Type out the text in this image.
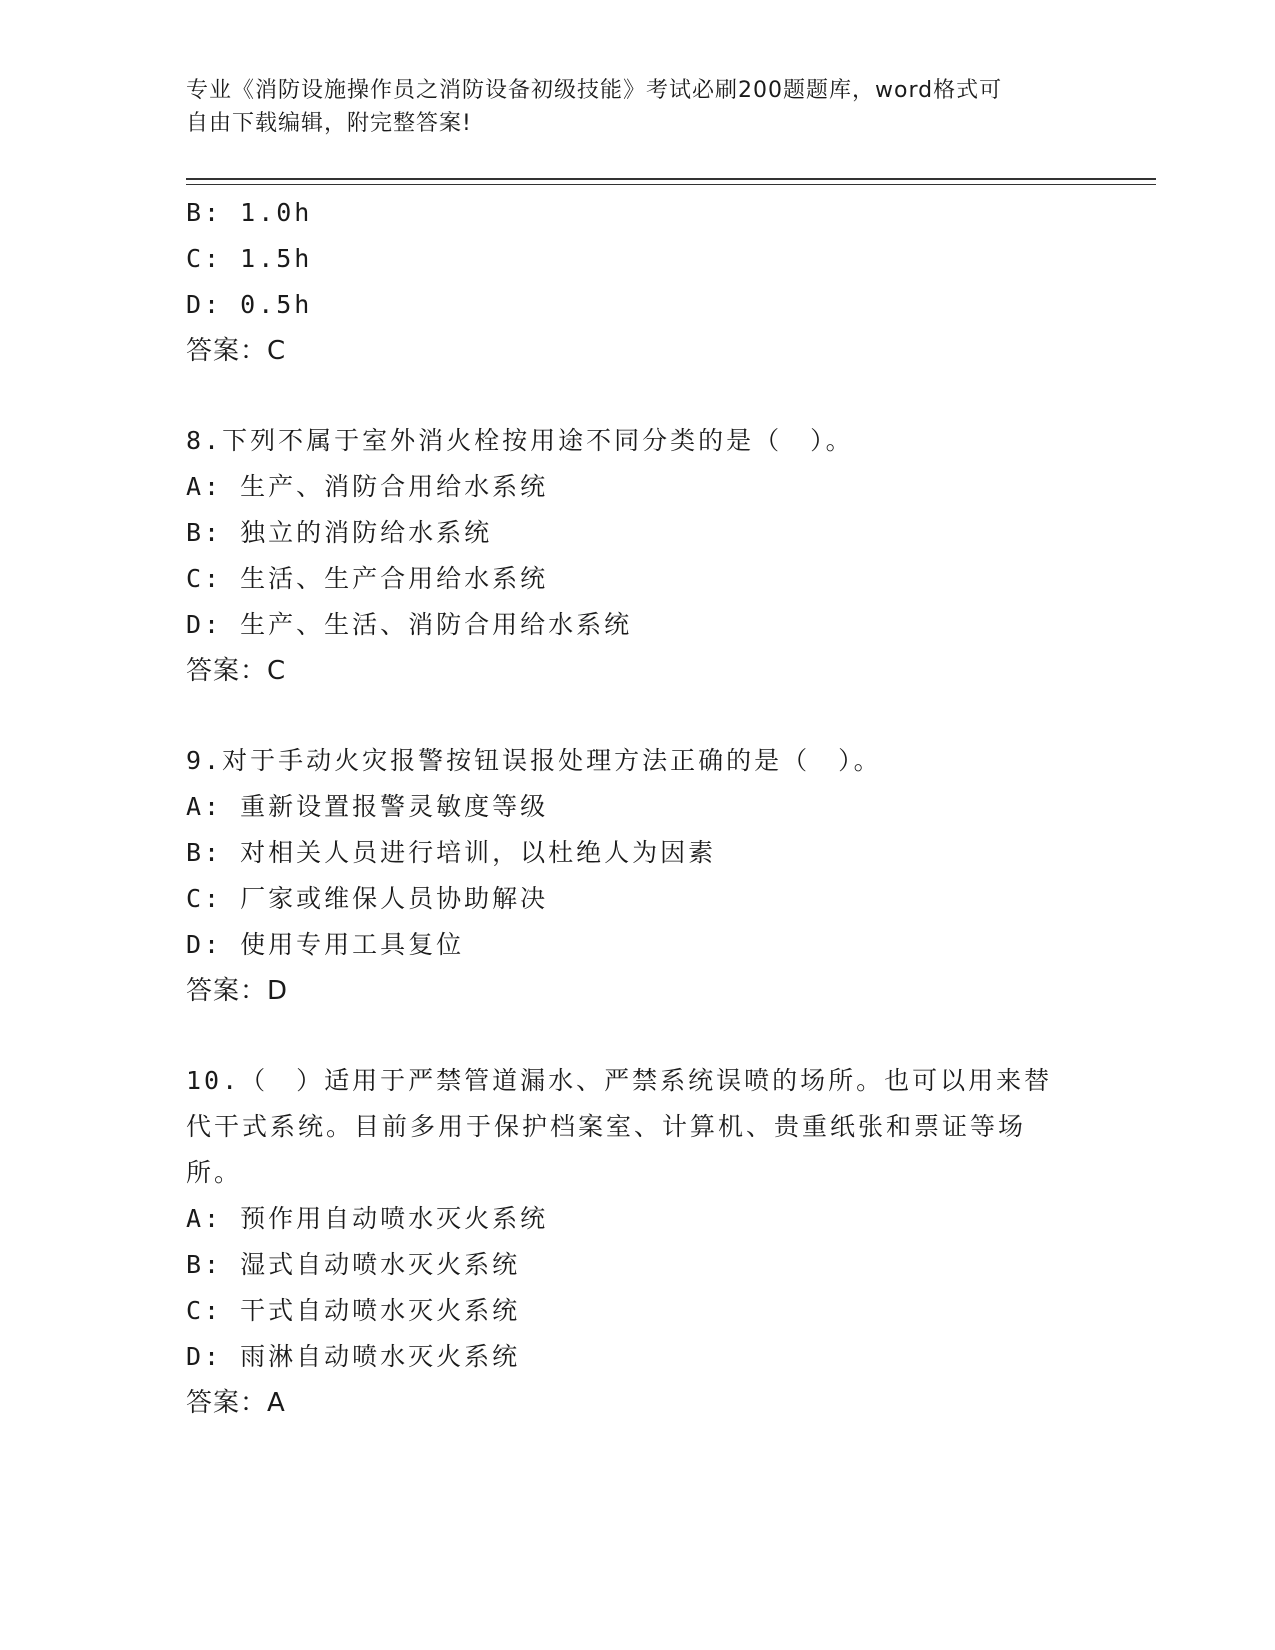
专业《消防设施操作员之消防设备初级技能》考试必刷200题题库，word格式可
自由下载编辑，附完整答案!
B: 1.0h
C: 1.5h
D: 0.5h
答案：C
8.下列不属于室外消火栓按用途不同分类的是（　）。
A: 生产、消防合用给水系统
B: 独立的消防给水系统
C: 生活、生产合用给水系统
D: 生产、生活、消防合用给水系统
答案：C
9.对于手动火灾报警按钮误报处理方法正确的是（　）。
A: 重新设置报警灵敏度等级
B: 对相关人员进行培训，以杜绝人为因素
C: 厂家或维保人员协助解决
D: 使用专用工具复位
答案：D
10.（　）适用于严禁管道漏水、严禁系统误喷的场所。也可以用来替
代干式系统。目前多用于保护档案室、计算机、贵重纸张和票证等场
所。
A: 预作用自动喷水灭火系统
B: 湿式自动喷水灭火系统
C: 干式自动喷水灭火系统
D: 雨淋自动喷水灭火系统
答案：A
